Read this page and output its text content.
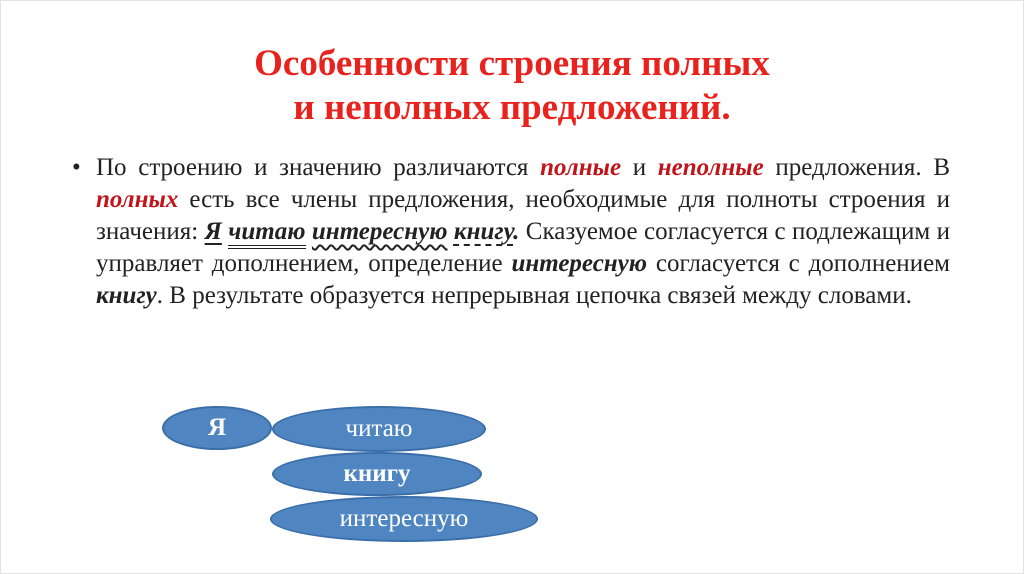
Особенности строения полных
и неполных предложений.
• По строению и значению различаются полные и неполные предложения. В полных есть все члены предложения, необходимые для полноты строения и значения: Я читаю интересную книгу. Сказуемое согласуется с подлежащим и управляет дополнением, определение интересную согласуется с дополнением книгу. В результате образуется непрерывная цепочка связей между словами.

Я	читаю
книгу
интересную
